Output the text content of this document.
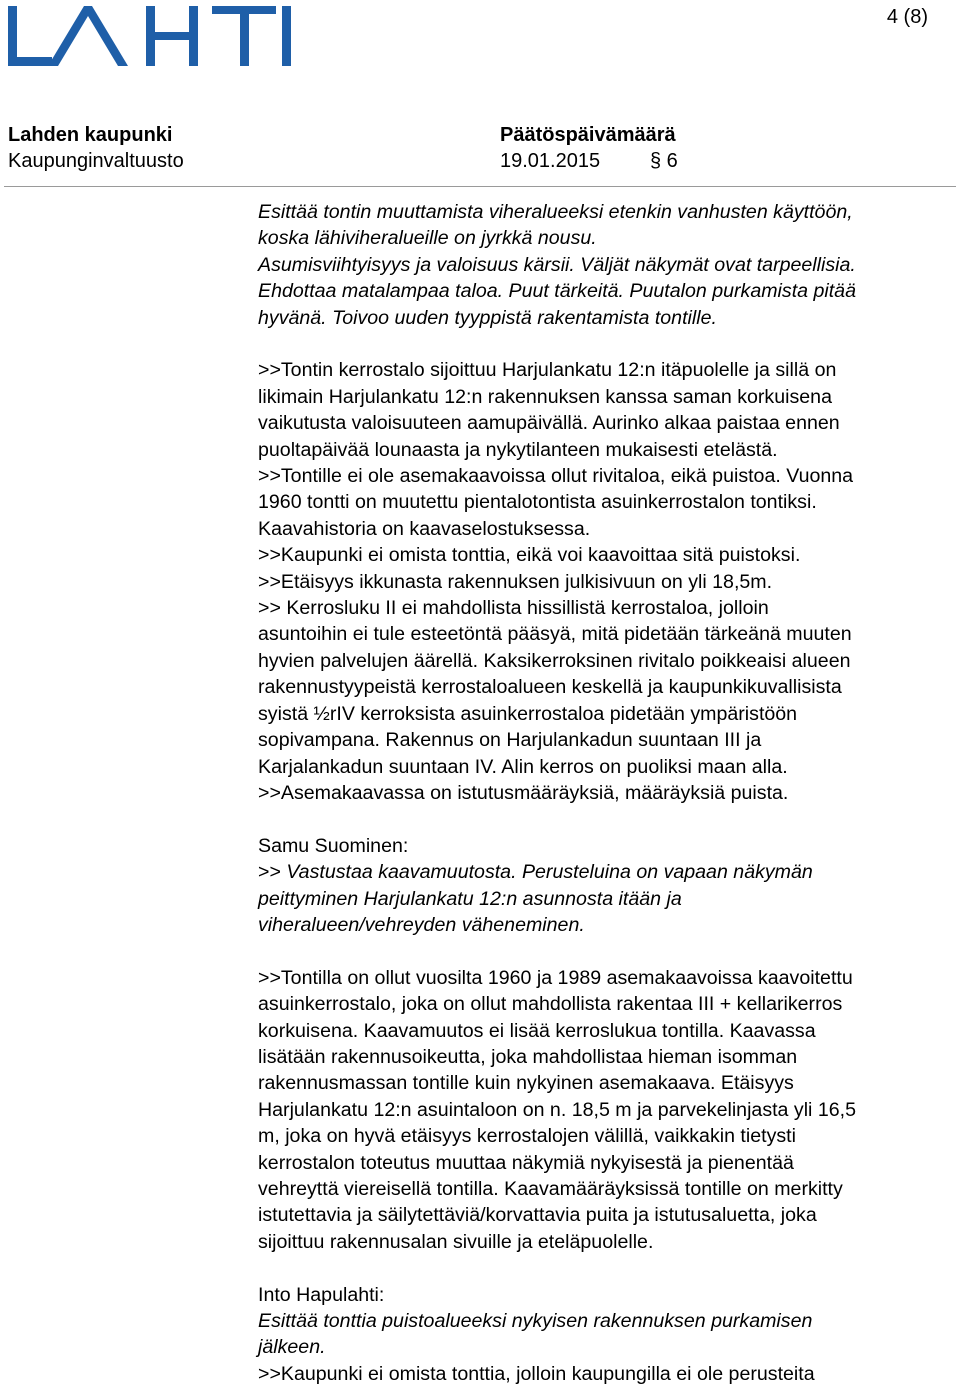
4 (8)
Lahden kaupunki
Kaupunginvaltuusto
Päätöspäivämäärä
19.01.2015 § 6

Esittää tontin muuttamista viheralueeksi etenkin vanhusten käyttöön,
koska lähiviheralueille on jyrkkä nousu.
Asumisviihtyisyys ja valoisuus kärsii. Väljät näkymät ovat tarpeellisia.
Ehdottaa matalampaa taloa. Puut tärkeitä. Puutalon purkamista pitää
hyvänä. Toivoo uuden tyyppistä rakentamista tontille.

>>Tontin kerrostalo sijoittuu Harjulankatu 12:n itäpuolelle ja sillä on
likimain Harjulankatu 12:n rakennuksen kanssa saman korkuisena
vaikutusta valoisuuteen aamupäivällä. Aurinko alkaa paistaa ennen
puoltapäivää lounaasta ja nykytilanteen mukaisesti etelästä.
>>Tontille ei ole asemakaavoissa ollut rivitaloa, eikä puistoa. Vuonna
1960 tontti on muutettu pientalotontista asuinkerrostalon tontiksi.
Kaavahistoria on kaavaselostuksessa.
>>Kaupunki ei omista tonttia, eikä voi kaavoittaa sitä puistoksi.
>>Etäisyys ikkunasta rakennuksen julkisivuun on yli 18,5m.
>> Kerrosluku II ei mahdollista hissillistä kerrostaloa, jolloin
asuntoihin ei tule esteetöntä pääsyä, mitä pidetään tärkeänä muuten
hyvien palvelujen äärellä. Kaksikerroksinen rivitalo poikkeaisi alueen
rakennustyypeistä kerrostaloalueen keskellä ja kaupunkikuvallisista
syistä ½rIV kerroksista asuinkerrostaloa pidetään ympäristöön
sopivampana. Rakennus on Harjulankadun suuntaan III ja
Karjalankadun suuntaan IV. Alin kerros on puoliksi maan alla.
>>Asemakaavassa on istutusmääräyksiä, määräyksiä puista.

Samu Suominen:

>> Vastustaa kaavamuutosta. Perusteluina on vapaan näkymän
peittyminen Harjulankatu 12:n asunnosta itään ja
viheralueen/vehreyden väheneminen.

>>Tontilla on ollut vuosilta 1960 ja 1989 asemakaavoissa kaavoitettu
asuinkerrostalo, joka on ollut mahdollista rakentaa III + kellarikerros
korkuisena. Kaavamuutos ei lisää kerroslukua tontilla. Kaavassa
lisätään rakennusoikeutta, joka mahdollistaa hieman isomman
rakennusmassan tontille kuin nykyinen asemakaava. Etäisyys
Harjulankatu 12:n asuintaloon on n. 18,5 m ja parvekelinjasta yli 16,5
m, joka on hyvä etäisyys kerrostalojen välillä, vaikkakin tietysti
kerrostalon toteutus muuttaa näkymiä nykyisestä ja pienentää
vehreyttä viereisellä tontilla. Kaavamääräyksissä tontille on merkitty
istutettavia ja säilytettäviä/korvattavia puita ja istutusaluetta, joka
sijoittuu rakennusalan sivuille ja eteläpuolelle.

Into Hapulahti:

Esittää tonttia puistoalueeksi nykyisen rakennuksen purkamisen
jälkeen.

>>Kaupunki ei omista tonttia, jolloin kaupungilla ei ole perusteita
